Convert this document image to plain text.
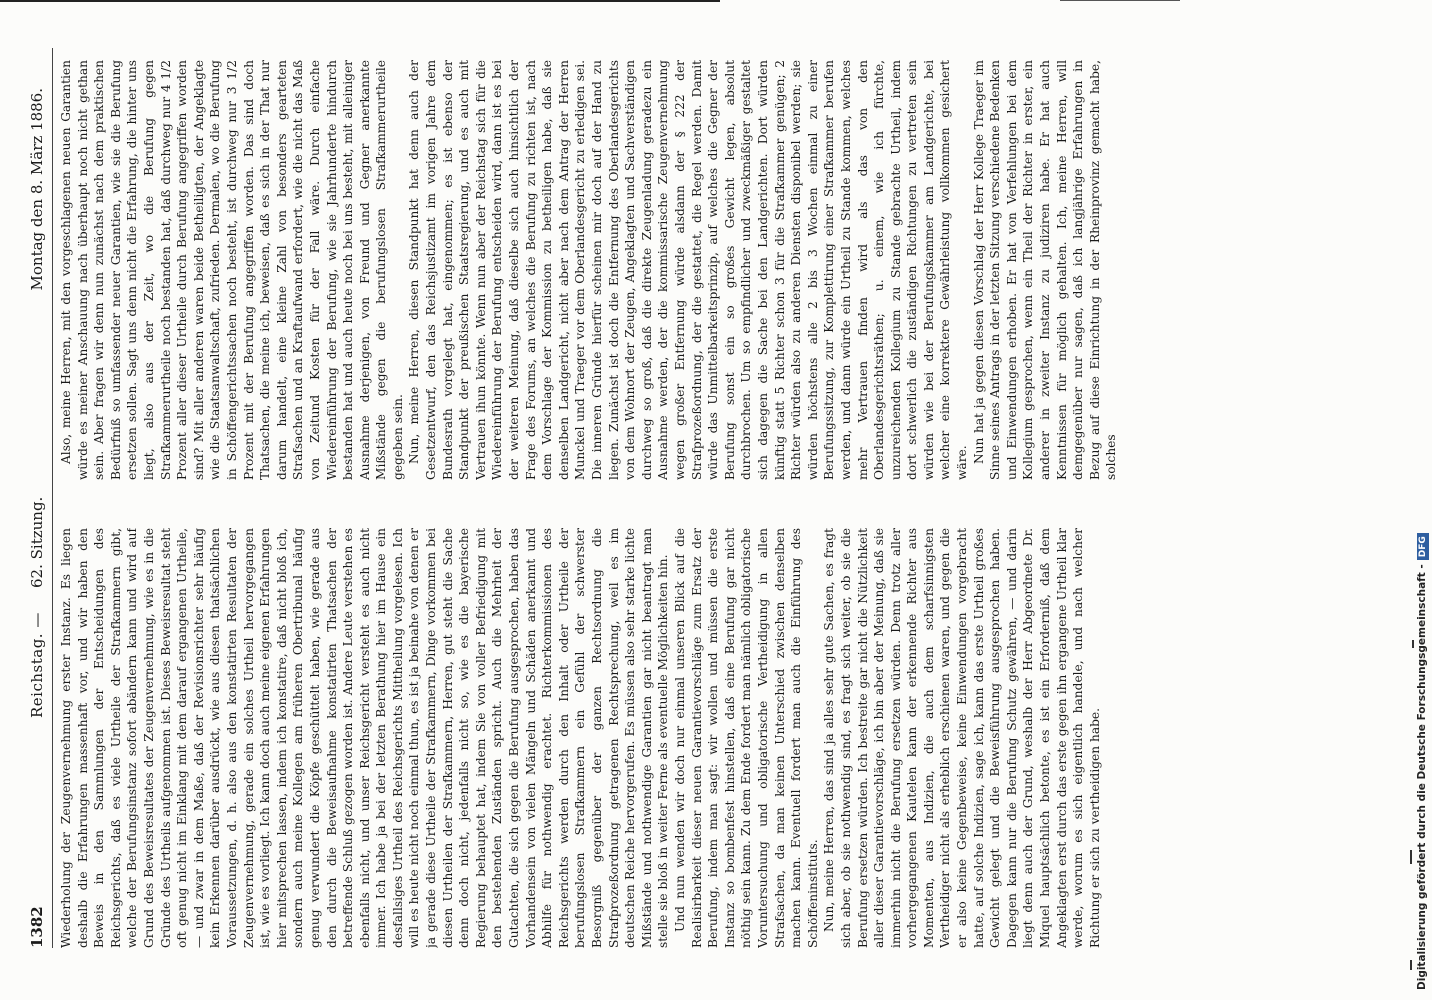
1382
Reichstag. —
62. Sitzung.
Montag den 8. März 1886.

Wiederholung der Zeugenvernehmung erster Instanz. Es liegen deshalb die Erfahrungen massenhaft vor, und wir haben den Beweis in den Sammlungen der Entscheidungen des Reichsgerichts, daß es viele Urtheile der Strafkammern gibt, welche der Berufungsinstanz sofort abändern kann und wird auf Grund des Beweisresultates der Zeugenvernehmung, wie es in die Gründe des Urtheils aufgenommen ist. Dieses Beweisresultat steht oft genug nicht im Einklang mit dem darauf ergangenen Urtheile, — und zwar in dem Maße, daß der Revisionsrichter sehr häufig kein Erkennen darüber ausdrückt, wie aus diesen thatsächlichen Voraussetzungen, d. h. also aus den konstatirten Resultaten der Zeugenvernehmung, gerade ein solches Urtheil hervorgegangen ist, wie es vorliegt. Ich kann doch auch meine eigenen Erfahrungen hier mitsprechen lassen, indem ich konstatire, daß nicht bloß ich, sondern auch meine Kollegen am früheren Obertribunal häufig genug verwundert die Köpfe geschüttelt haben, wie gerade aus den durch die Beweisaufnahme konstatirten Thatsachen der betreffende Schluß gezogen worden ist. Andere Leute verstehen es ebenfalls nicht, und unser Reichsgericht versteht es auch nicht immer. Ich habe ja bei der letzten Berathung hier im Hause ein desfallsiges Urtheil des Reichsgerichts Mittheilung vorgelesen. Ich will es heute nicht noch einmal thun, es ist ja beinahe von denen er ja gerade diese Urtheile der Strafkammern, Dinge vorkommen bei diesen Urtheilen der Strafkammern, Herren, gut steht die Sache denn doch nicht, jedenfalls nicht so, wie es die bayerische Regierung behauptet hat, indem Sie von voller Befriedigung mit den bestehenden Zuständen spricht. Auch die Mehrheit der Gutachten, die sich gegen die Berufung ausgesprochen, haben das Vorhandensein von vielen Mängeln und Schäden anerkannt und Abhilfe für nothwendig erachtet. Richterkommissionen des Reichsgerichts werden durch den Inhalt oder Urtheile der berufungslosen Strafkammern ein Gefühl der schwerster Besorgniß gegenüber der ganzen Rechtsordnung die Strafprozeßordnung getragenen Rechtsprechung, weil es im deutschen Reiche hervorgerufen. Es müssen also sehr starke lichte Mißstände und nothwendige Garantien gar nicht beantragt man stelle sie bloß in weiter Ferne als eventuelle Möglichkeiten hin. Und nun wenden wir doch nur einmal unseren Blick auf die Realisirbarkeit dieser neuen Garantievorschläge zum Ersatz der Berufung, indem man sagt: wir wollen und müssen die erste Instanz so bombenfest hinstellen, daß eine Berufung gar nicht nöthig sein kann. Zu dem Ende fordert man nämlich obligatorische Voruntersuchung und obligatorische Vertheidigung in allen Strafsachen, da man keinen Unterschied zwischen denselben machen kann. Eventuell fordert man auch die Einführung des Schöffeninstituts. Nun, meine Herren, das sind ja alles sehr gute Sachen, es fragt sich aber, ob sie nothwendig sind, es fragt sich weiter, ob sie die Berufung ersetzen würden. Ich bestreite gar nicht die Nützlichkeit aller dieser Garantievorschläge, ich bin aber der Meinung, daß sie immerhin nicht die Berufung ersetzen würden. Denn trotz aller vorhergegangenen Kautelen kann der erkennende Richter aus Momenten, aus Indizien, die auch dem scharfsinnigsten Vertheidiger nicht als erheblich erschienen waren, und gegen die er also keine Gegenbeweise, keine Einwendungen vorgebracht hatte, auf solche Indizien, sage ich, kann das erste Urtheil großes Gewicht gelegt und die Beweisführung ausgesprochen haben. Dagegen kann nur die Berufung Schutz gewähren, — und darin liegt denn auch der Grund, weshalb der Herr Abgeordnete Dr. Miquel hauptsächlich betonte, es ist ein Erforderniß, daß dem Angeklagten erst durch das erste gegen ihn ergangene Urtheil klar werde, worum es sich eigentlich handele, und nach welcher Richtung er sich zu vertheidigen habe.

Also, meine Herren, mit den vorgeschlagenen neuen Garantien würde es meiner Anschauung nach überhaupt noch nicht gethan sein. Aber fragen wir denn nun zunächst nach dem praktischen Bedürfniß so umfassender neuer Garantien, wie sie die Berufung ersetzen sollen. Sagt uns denn nicht die Erfahrung, die hinter uns liegt, also aus der Zeit, wo die Berufung gegen Strafkammerurtheile noch bestanden hat, daß durchweg nur 4 1/2 Prozent aller dieser Urtheile durch Berufung angegriffen worden sind? Mit aller anderen waren beide Betheiligten, der Angeklagte wie die Staatsanwaltschaft, zufrieden. Dermalen, wo die Berufung in Schöffengerichtssachen noch besteht, ist durchweg nur 3 1/2 Prozent mit der Berufung angegriffen worden. Das sind doch Thatsachen, die meine ich, beweisen, daß es sich in der That nur darum handelt, eine kleine Zahl von besonders gearteten Strafsachen und an Kraftaufwand erfordert, wie die nicht das Maß von Zeitund Kosten für der Fall wäre. Durch einfache Wiedereinführung der Berufung, wie sie Jahrhunderte hindurch bestanden hat und auch heute noch bei uns besteht, mit alleiniger Ausnahme derjenigen, von Freund und Gegner anerkannte Mißstände gegen die berufungslosen Strafkammerurtheile gegeben sein. Nun, meine Herren, diesen Standpunkt hat denn auch der Gesetzentwurf, den das Reichsjustizamt im vorigen Jahre dem Bundesrath vorgelegt hat, eingenommen; es ist ebenso der Standpunkt der preußischen Staatsregierung, und es auch mit Vertrauen ihun könnte. Wenn nun aber der Reichstag sich für die Wiedereinführung der Berufung entscheiden wird, dann ist es bei der weiteren Meinung, daß dieselbe sich auch hinsichtlich der Frage des Forums, an welches die Berufung zu richten ist, nach dem Vorschlage der Kommission zu betheiligen habe, daß sie denselben Landgericht, nicht aber nach dem Antrag der Herren Munckel und Traeger vor dem Oberlandesgericht zu erledigen sei. Die inneren Gründe hierfür scheinen mir doch auf der Hand zu liegen. Zunächst ist doch die Entfernung des Oberlandesgerichts von dem Wohnort der Zeugen, Angeklagten und Sachverständigen durchweg so groß, daß die direkte Zeugenladung geradezu ein Ausnahme werden, der die kommissarische Zeugenvernehmung wegen großer Entfernung würde alsdann der § 222 der Strafprozeßordnung, der die gestattet, die Regel werden. Damit würde das Unmittelbarkeitsprinzip, auf welches die Gegner der Berufung sonst ein so großes Gewicht legen, absolut durchbrochen. Um so empfindlicher und zweckmäßiger gestaltet sich dagegen die Sache bei den Landgerichten. Dort würden künftig statt 5 Richter schon 3 für die Strafkammer genügen; 2 Richter würden also zu anderen Diensten disponibel werden; sie würden höchstens alle 2 bis 3 Wochen einmal zu einer Berufungssitzung, zur Komplettirung einer Strafkammer berufen werden, und dann würde ein Urtheil zu Stande kommen, welches mehr Vertrauen finden wird als das von den Oberlandesgerichtsräthen; u. einem, wie ich fürchte, unzureichenden Kollegium zu Stande gebrachte Urtheil, indem dort schwerlich die zuständigen Richtungen zu vertreten sein würden wie bei der Berufungskammer am Landgerichte, bei welcher eine korrektere Gewährleistung vollkommen gesichert wäre. Nun hat ja gegen diesen Vorschlag der Herr Kollege Traeger im Sinne seines Antrags in der letzten Sitzung verschiedene Bedenken und Einwendungen erhoben. Er hat von Verfehlungen bei dem Kollegium gesprochen, wenn ein Theil der Richter in erster, ein anderer in zweiter Instanz zu judiziren habe. Er hat auch Kenntnissen für möglich gehalten. Ich, meine Herren, will demgegenüber nur sagen, daß ich langjährige Erfahrungen in Bezug auf diese Einrichtung in der Rheinprovinz gemacht habe, solches

Digitalisierung gefördert durch die Deutsche Forschungsgemeinschaft -DFG
